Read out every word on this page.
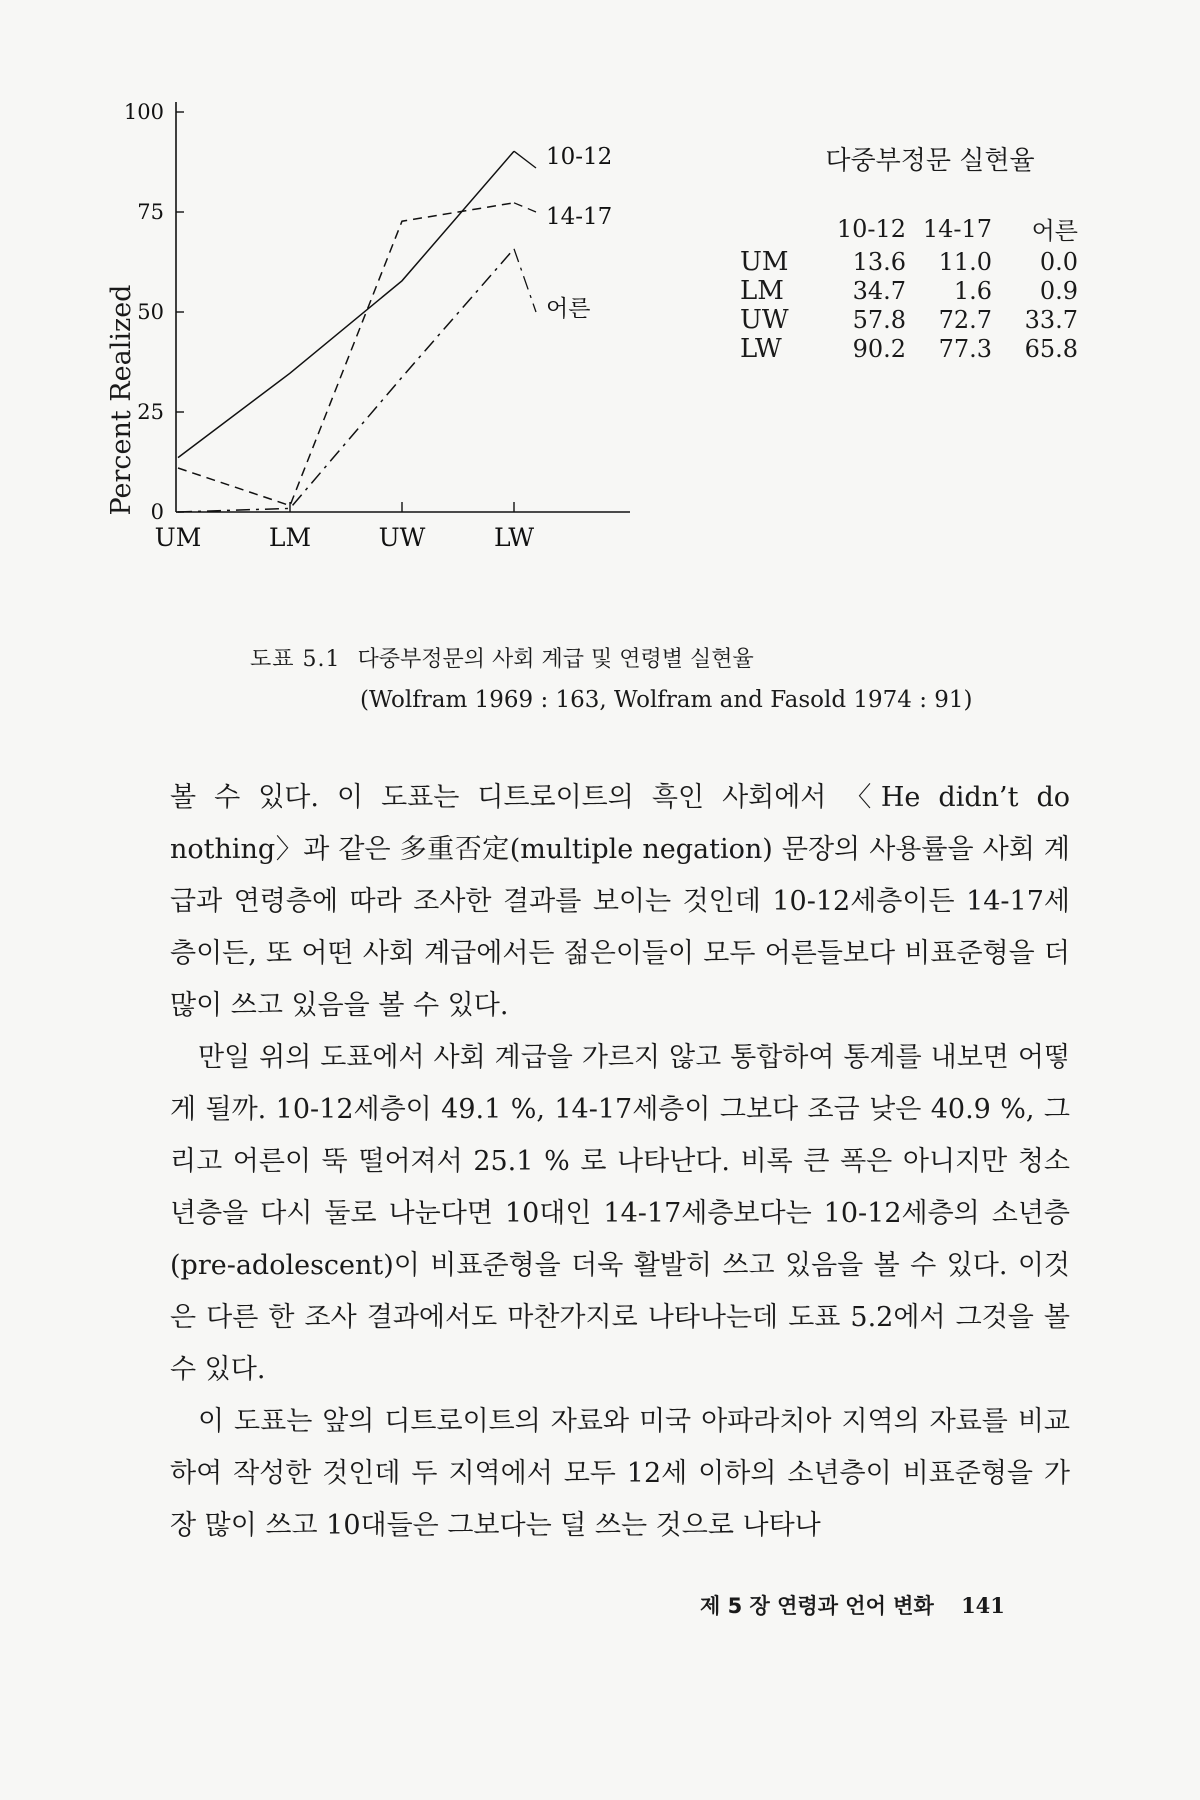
Percent Realized 0
25
50
75
100
UM	LM	UW	LW
10-12
14-17
어른
다중부정문 실현율
	10-12	14-17	어른
UM	13.6	11.0	0.0
LM	34.7	1.6	0.9
UW	57.8	72.7	33.7
LW	90.2	77.3	65.8
도표 5.1 다중부정문의 사회 계급 및 연령별 실현율
(Wolfram 1969 : 163, Wolfram and Fasold 1974 : 91)

볼 수 있다. 이 도표는 디트로이트의 흑인 사회에서 〈He didn’t do nothing〉과 같은 多重否定(multiple negation) 문장의 사용률을 사회 계급과 연령층에 따라 조사한 결과를 보이는 것인데 10-12세층이든 14-17세층이든, 또 어떤 사회 계급에서든 젊은이들이 모두 어른들보다 비표준형을 더 많이 쓰고 있음을 볼 수 있다.

만일 위의 도표에서 사회 계급을 가르지 않고 통합하여 통계를 내보면 어떻게 될까. 10-12세층이 49.1 %, 14-17세층이 그보다 조금 낮은 40.9 %, 그리고 어른이 뚝 떨어져서 25.1 % 로 나타난다. 비록 큰 폭은 아니지만 청소년층을 다시 둘로 나눈다면 10대인 14-17세층보다는 10-12세층의 소년층(pre-adolescent)이 비표준형을 더욱 활발히 쓰고 있음을 볼 수 있다. 이것은 다른 한 조사 결과에서도 마찬가지로 나타나는데 도표 5.2에서 그것을 볼 수 있다.

이 도표는 앞의 디트로이트의 자료와 미국 아파라치아 지역의 자료를 비교하여 작성한 것인데 두 지역에서 모두 12세 이하의 소년층이 비표준형을 가장 많이 쓰고 10대들은 그보다는 덜 쓰는 것으로 나타나

제 5 장 연령과 언어 변화 141
